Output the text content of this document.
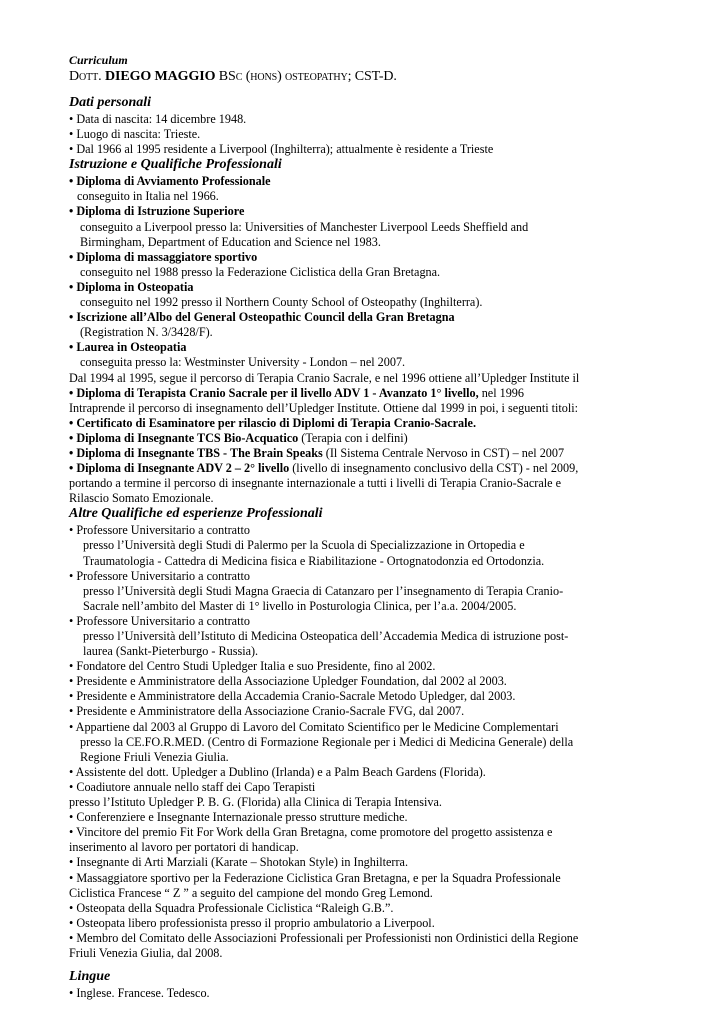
Curriculum
Dott. DIEGO MAGGIO BSc (hons) osteopathy; CST-D.
Dati personali
• Data di nascita: 14 dicembre 1948.
• Luogo di nascita: Trieste.
• Dal 1966 al 1995 residente a Liverpool (Inghilterra); attualmente è residente a Trieste
Istruzione e Qualifiche Professionali
• Diploma di Avviamento Professionale
conseguito in Italia nel 1966.
• Diploma di Istruzione Superiore
conseguito a Liverpool presso la: Universities of Manchester Liverpool Leeds Sheffield and
Birmingham, Department of Education and Science nel 1983.
• Diploma di massaggiatore sportivo
conseguito nel 1988 presso la Federazione Ciclistica della Gran Bretagna.
• Diploma in Osteopatia
conseguito nel 1992 presso il Northern County School of Osteopathy (Inghilterra).
• Iscrizione all’Albo del General Osteopathic Council della Gran Bretagna
(Registration N. 3/3428/F).
• Laurea in Osteopatia
conseguita presso la: Westminster University - London – nel 2007.
Dal 1994 al 1995, segue il percorso di Terapia Cranio Sacrale, e nel 1996 ottiene all’Upledger Institute il
• Diploma di Terapista Cranio Sacrale per il livello ADV 1 - Avanzato 1° livello, nel 1996
Intraprende il percorso di insegnamento dell’Upledger Institute. Ottiene dal 1999 in poi, i seguenti titoli:
• Certificato di Esaminatore per rilascio di Diplomi di Terapia Cranio-Sacrale.
• Diploma di Insegnante TCS Bio-Acquatico (Terapia con i delfini)
• Diploma di Insegnante TBS - The Brain Speaks (Il Sistema Centrale Nervoso in CST) – nel 2007
• Diploma di Insegnante ADV 2 – 2° livello (livello di insegnamento conclusivo della CST) - nel 2009,
portando a termine il percorso di insegnante internazionale a tutti i livelli di Terapia Cranio-Sacrale e
Rilascio Somato Emozionale.
Altre Qualifiche ed esperienze Professionali
• Professore Universitario a contratto
presso l’Università degli Studi di Palermo per la Scuola di Specializzazione in Ortopedia e
Traumatologia - Cattedra di Medicina fisica e Riabilitazione - Ortognatodonzia ed Ortodonzia.
• Professore Universitario a contratto
presso l’Università degli Studi Magna Graecia di Catanzaro per l’insegnamento di Terapia Cranio-
Sacrale nell’ambito del Master di 1° livello in Posturologia Clinica, per l’a.a. 2004/2005.
• Professore Universitario a contratto
presso l’Università dell’Istituto di Medicina Osteopatica dell’Accademia Medica di istruzione post-
laurea (Sankt-Pieterburgo - Russia).
• Fondatore del Centro Studi Upledger Italia e suo Presidente, fino al 2002.
• Presidente e Amministratore della Associazione Upledger Foundation, dal 2002 al 2003.
• Presidente e Amministratore della Accademia Cranio-Sacrale Metodo Upledger, dal 2003.
• Presidente e Amministratore della Associazione Cranio-Sacrale FVG, dal 2007.
• Appartiene dal 2003 al Gruppo di Lavoro del Comitato Scientifico per le Medicine Complementari
presso la CE.FO.R.MED. (Centro di Formazione Regionale per i Medici di Medicina Generale) della
Regione Friuli Venezia Giulia.
• Assistente del dott. Upledger a Dublino (Irlanda) e a Palm Beach Gardens (Florida).
• Coadiutore annuale nello staff dei Capo Terapisti
presso l’Istituto Upledger P. B. G. (Florida) alla Clinica di Terapia Intensiva.
• Conferenziere e Insegnante Internazionale presso strutture mediche.
• Vincitore del premio Fit For Work della Gran Bretagna, come promotore del progetto assistenza e
inserimento al lavoro per portatori di handicap.
• Insegnante di Arti Marziali (Karate – Shotokan Style) in Inghilterra.
• Massaggiatore sportivo per la Federazione Ciclistica Gran Bretagna, e per la Squadra Professionale
Ciclistica Francese “ Z ” a seguito del campione del mondo Greg Lemond.
• Osteopata della Squadra Professionale Ciclistica “Raleigh G.B.”.
• Osteopata libero professionista presso il proprio ambulatorio a Liverpool.
• Membro del Comitato delle Associazioni Professionali per Professionisti non Ordinistici della Regione
Friuli Venezia Giulia, dal 2008.
Lingue
• Inglese. Francese. Tedesco.
